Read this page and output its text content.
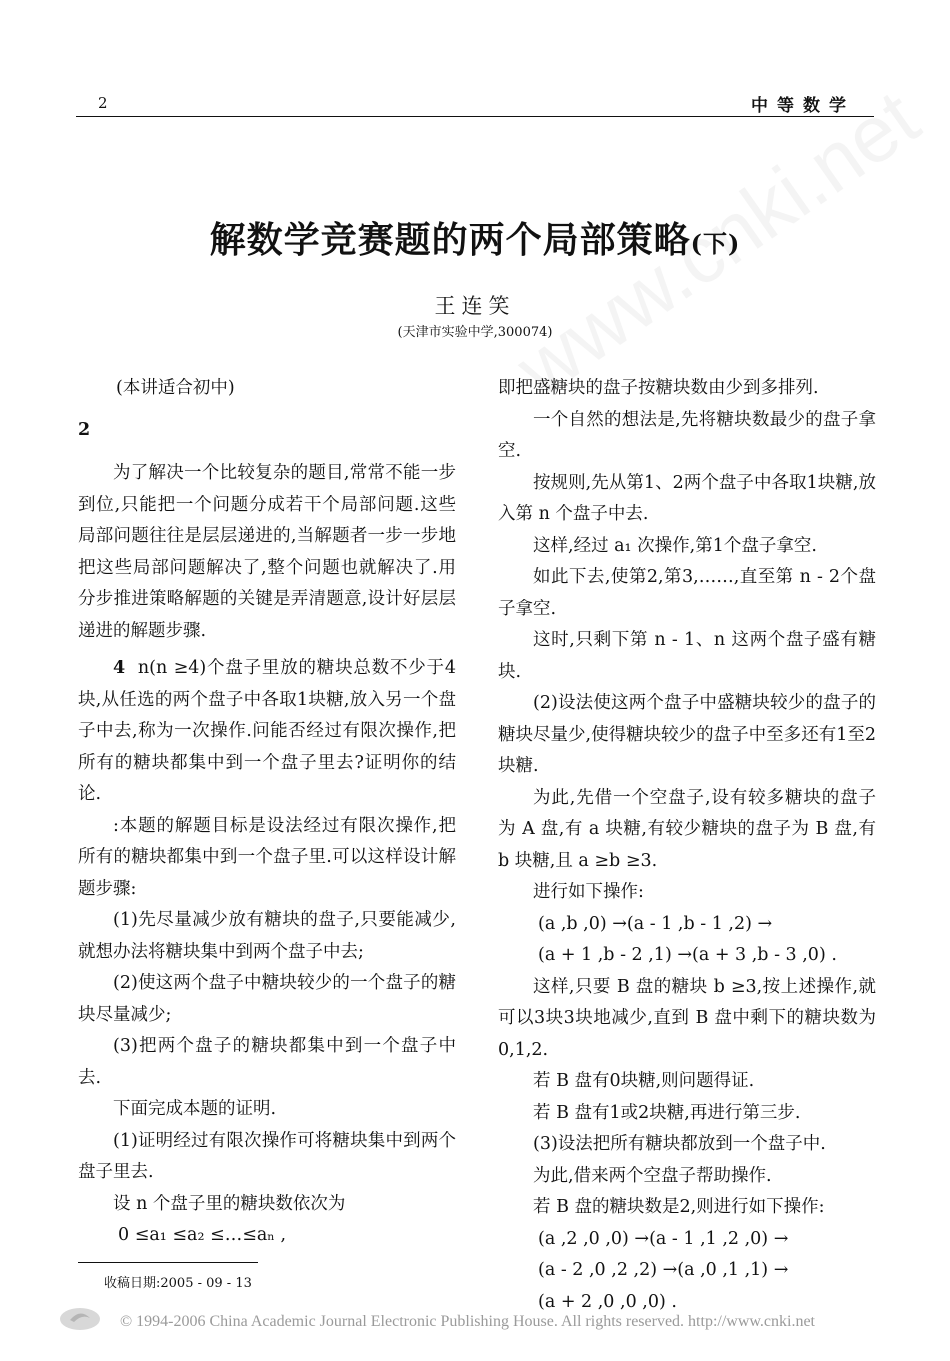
2	中等数学
解数学竞赛题的两个局部策略(下)
王连笑
(天津市实验中学,300074)

(本讲适合初中)

2

为了解决一个比较复杂的题目,常常不能一步到位,只能把一个问题分成若干个局部问题.这些局部问题往往是层层递进的,当解题者一步一步地把这些局部问题解决了,整个问题也就解决了.用分步推进策略解题的关键是弄清题意,设计好层层递进的解题步骤.

4 n(n ≥4)个盘子里放的糖块总数不少于4块,从任选的两个盘子中各取1块糖,放入另一个盘子中去,称为一次操作.问能否经过有限次操作,把所有的糖块都集中到一个盘子里去?证明你的结论.

:本题的解题目标是设法经过有限次操作,把所有的糖块都集中到一个盘子里.可以这样设计解题步骤:

(1)先尽量减少放有糖块的盘子,只要能减少,就想办法将糖块集中到两个盘子中去;

(2)使这两个盘子中糖块较少的一个盘子的糖块尽量减少;

(3)把两个盘子的糖块都集中到一个盘子中去.

下面完成本题的证明.

(1)证明经过有限次操作可将糖块集中到两个盘子里去.

设 n 个盘子里的糖块数依次为

0 ≤a₁ ≤a₂ ≤…≤aₙ ,

即把盛糖块的盘子按糖块数由少到多排列.

一个自然的想法是,先将糖块数最少的盘子拿空.

按规则,先从第1、2两个盘子中各取1块糖,放入第 n 个盘子中去.

这样,经过 a₁ 次操作,第1个盘子拿空.

如此下去,使第2,第3,……,直至第 n - 2个盘子拿空.

这时,只剩下第 n - 1、n 这两个盘子盛有糖块.

(2)设法使这两个盘子中盛糖块较少的盘子的糖块尽量少,使得糖块较少的盘子中至多还有1至2块糖.

为此,先借一个空盘子,设有较多糖块的盘子为 A 盘,有 a 块糖,有较少糖块的盘子为 B 盘,有 b 块糖,且 a ≥b ≥3.

进行如下操作:

(a ,b ,0) →(a - 1 ,b - 1 ,2) →

(a + 1 ,b - 2 ,1) →(a + 3 ,b - 3 ,0) .

这样,只要 B 盘的糖块 b ≥3,按上述操作,就可以3块3块地减少,直到 B 盘中剩下的糖块数为0,1,2.

若 B 盘有0块糖,则问题得证.

若 B 盘有1或2块糖,再进行第三步.

(3)设法把所有糖块都放到一个盘子中.

为此,借来两个空盘子帮助操作.

若 B 盘的糖块数是2,则进行如下操作:

(a ,2 ,0 ,0) →(a - 1 ,1 ,2 ,0) →

(a - 2 ,0 ,2 ,2) →(a ,0 ,1 ,1) →

(a + 2 ,0 ,0 ,0) .

收稿日期:2005 - 09 - 13
© 1994-2006 China Academic Journal Electronic Publishing House. All rights reserved. http://www.cnki.net
